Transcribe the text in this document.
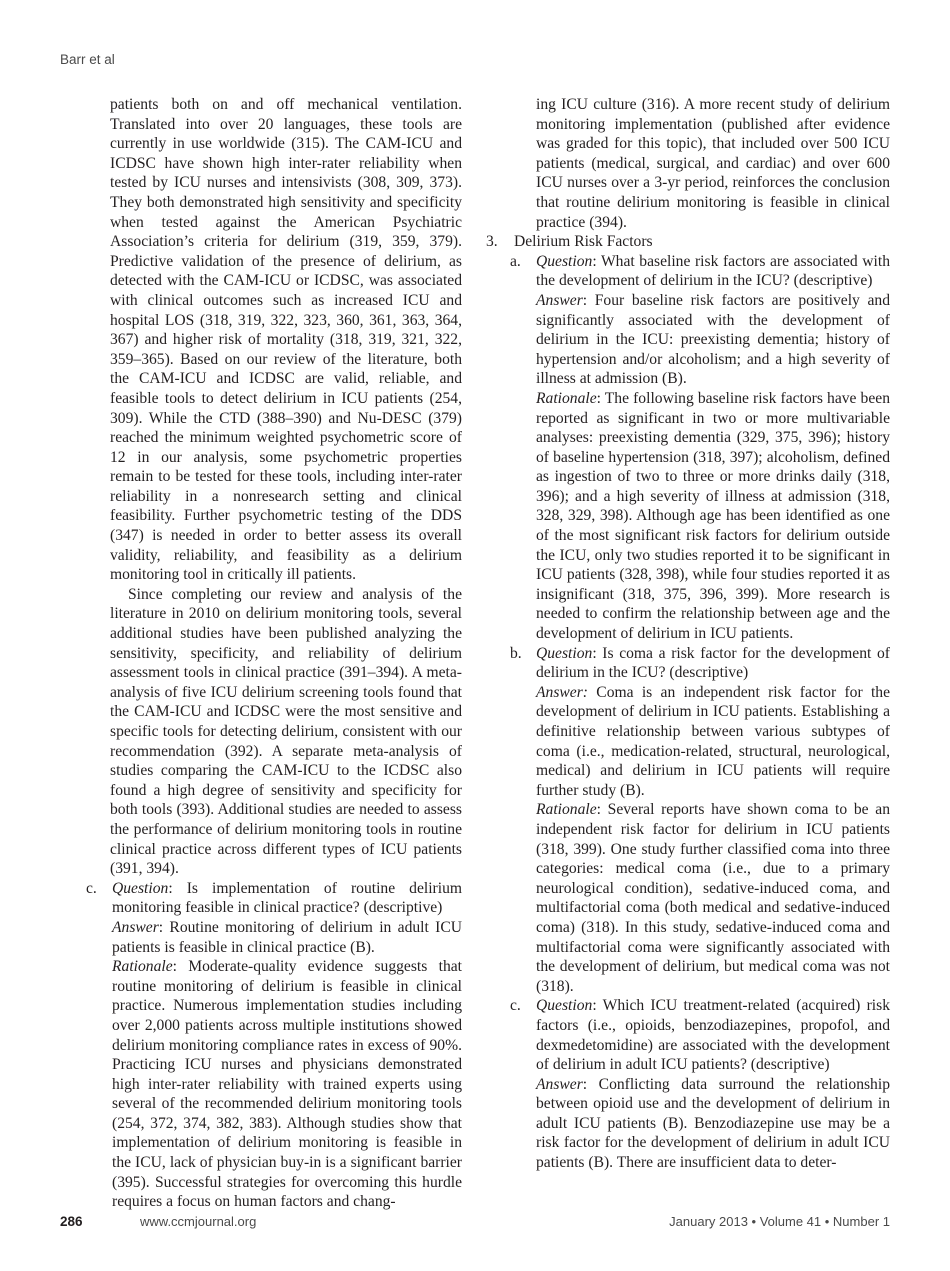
Barr et al

patients both on and off mechanical ventilation. Translated into over 20 languages, these tools are currently in use worldwide (315). The CAM-ICU and ICDSC have shown high inter-rater reliability when tested by ICU nurses and intensivists (308, 309, 373). They both demonstrated high sensitivity and specificity when tested against the American Psychiatric Association’s criteria for delirium (319, 359, 379). Predictive validation of the presence of delirium, as detected with the CAM-ICU or ICDSC, was associated with clinical outcomes such as increased ICU and hospital LOS (318, 319, 322, 323, 360, 361, 363, 364, 367) and higher risk of mortality (318, 319, 321, 322, 359–365). Based on our review of the literature, both the CAM-ICU and ICDSC are valid, reliable, and feasible tools to detect delirium in ICU patients (254, 309). While the CTD (388–390) and Nu-DESC (379) reached the minimum weighted psychometric score of 12 in our analysis, some psychometric properties remain to be tested for these tools, including inter-rater reliability in a nonresearch setting and clinical feasibility. Further psychometric testing of the DDS (347) is needed in order to better assess its overall validity, reliability, and feasibility as a delirium monitoring tool in critically ill patients.

Since completing our review and analysis of the literature in 2010 on delirium monitoring tools, several additional studies have been published analyzing the sensitivity, specificity, and reliability of delirium assessment tools in clinical practice (391–394). A meta-analysis of five ICU delirium screening tools found that the CAM-ICU and ICDSC were the most sensitive and specific tools for detecting delirium, consistent with our recommendation (392). A separate meta-analysis of studies comparing the CAM-ICU to the ICDSC also found a high degree of sensitivity and specificity for both tools (393). Additional studies are needed to assess the performance of delirium monitoring tools in routine clinical practice across different types of ICU patients (391, 394).

c. Question: Is implementation of routine delirium monitoring feasible in clinical practice? (descriptive)

Answer: Routine monitoring of delirium in adult ICU patients is feasible in clinical practice (B).

Rationale: Moderate-quality evidence suggests that routine monitoring of delirium is feasible in clinical practice. Numerous implementation studies including over 2,000 patients across multiple institutions showed delirium monitoring compliance rates in excess of 90%. Practicing ICU nurses and physicians demonstrated high inter-rater reliability with trained experts using several of the recommended delirium monitoring tools (254, 372, 374, 382, 383). Although studies show that implementation of delirium monitoring is feasible in the ICU, lack of physician buy-in is a significant barrier (395). Successful strategies for overcoming this hurdle requires a focus on human factors and chang-

ing ICU culture (316). A more recent study of delirium monitoring implementation (published after evidence was graded for this topic), that included over 500 ICU patients (medical, surgical, and cardiac) and over 600 ICU nurses over a 3-yr period, reinforces the conclusion that routine delirium monitoring is feasible in clinical practice (394).

3. Delirium Risk Factors
a. Question: What baseline risk factors are associated with the development of delirium in the ICU? (descriptive)

Answer: Four baseline risk factors are positively and significantly associated with the development of delirium in the ICU: preexisting dementia; history of hypertension and/or alcoholism; and a high severity of illness at admission (B).

Rationale: The following baseline risk factors have been reported as significant in two or more multivariable analyses: preexisting dementia (329, 375, 396); history of baseline hypertension (318, 397); alcoholism, defined as ingestion of two to three or more drinks daily (318, 396); and a high severity of illness at admission (318, 328, 329, 398). Although age has been identified as one of the most significant risk factors for delirium outside the ICU, only two studies reported it to be significant in ICU patients (328, 398), while four studies reported it as insignificant (318, 375, 396, 399). More research is needed to confirm the relationship between age and the development of delirium in ICU patients.

b. Question: Is coma a risk factor for the development of delirium in the ICU? (descriptive)

Answer: Coma is an independent risk factor for the development of delirium in ICU patients. Establishing a definitive relationship between various subtypes of coma (i.e., medication-related, structural, neurological, medical) and delirium in ICU patients will require further study (B).

Rationale: Several reports have shown coma to be an independent risk factor for delirium in ICU patients (318, 399). One study further classified coma into three categories: medical coma (i.e., due to a primary neurological condition), sedative-induced coma, and multifactorial coma (both medical and sedative-induced coma) (318). In this study, sedative-induced coma and multifactorial coma were significantly associated with the development of delirium, but medical coma was not (318).

c. Question: Which ICU treatment-related (acquired) risk factors (i.e., opioids, benzodiazepines, propofol, and dexmedetomidine) are associated with the development of delirium in adult ICU patients? (descriptive)

Answer: Conflicting data surround the relationship between opioid use and the development of delirium in adult ICU patients (B). Benzodiazepine use may be a risk factor for the development of delirium in adult ICU patients (B). There are insufficient data to deter-

286	www.ccmjournal.org	January 2013 • Volume 41 • Number 1
